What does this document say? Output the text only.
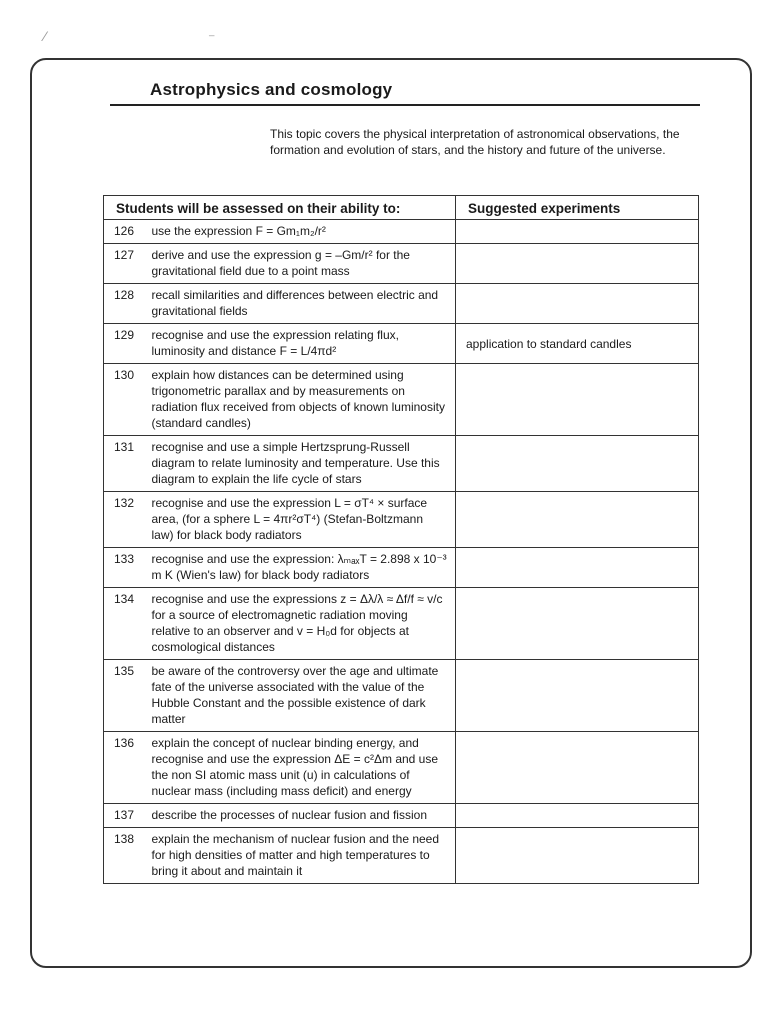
⁄	⁻
Astrophysics and cosmology
This topic covers the physical interpretation of astronomical observations, the formation and evolution of stars, and the history and future of the universe.
Students will be assessed on their ability to:		Suggested experiments
126	use the expression F = Gm₁m₂/r²	
127	derive and use the expression g = –Gm/r² for the gravitational field due to a point mass	
128	recall similarities and differences between electric and gravitational fields	
129	recognise and use the expression relating flux, luminosity and distance F = L/4πd²	application to standard candles
130	explain how distances can be determined using trigonometric parallax and by measurements on radiation flux received from objects of known luminosity (standard candles)	
131	recognise and use a simple Hertzsprung-Russell diagram to relate luminosity and temperature. Use this diagram to explain the life cycle of stars	
132	recognise and use the expression L = σT⁴ × surface area, (for a sphere L = 4πr²σT⁴) (Stefan-Boltzmann law) for black body radiators	
133	recognise and use the expression: λₘₐₓT = 2.898 x 10⁻³ m K (Wien's law) for black body radiators	
134	recognise and use the expressions z = Δλ/λ ≈ Δf/f ≈ v/c for a source of electromagnetic radiation moving relative to an observer and v = H₀d for objects at cosmological distances	
135	be aware of the controversy over the age and ultimate fate of the universe associated with the value of the Hubble Constant and the possible existence of dark matter	
136	explain the concept of nuclear binding energy, and recognise and use the expression ΔE = c²Δm and use the non SI atomic mass unit (u) in calculations of nuclear mass (including mass deficit) and energy	
137	describe the processes of nuclear fusion and fission	
138	explain the mechanism of nuclear fusion and the need for high densities of matter and high temperatures to bring it about and maintain it	
